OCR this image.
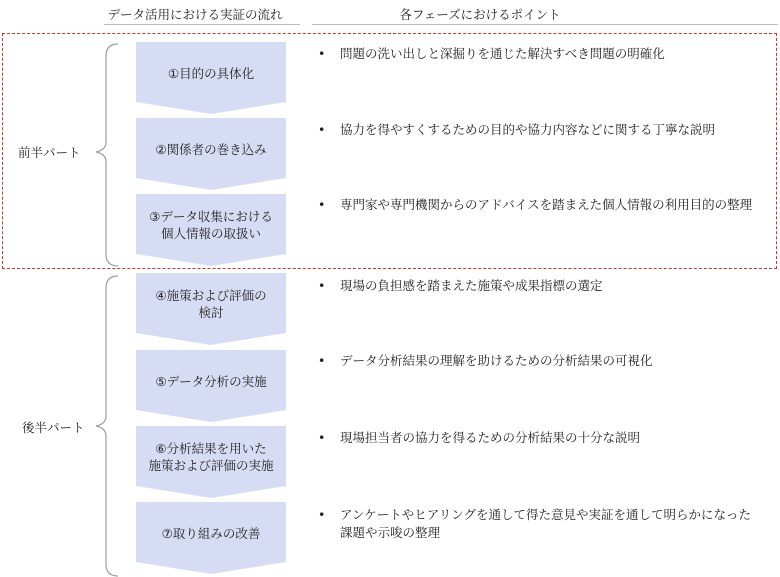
データ活用における実証の流れ	各フェーズにおけるポイント
前半パート
後半パート
①目的の具体化
②関係者の巻き込み
③データ収集における
個人情報の取扱い
④施策および評価の
検討
⑤データ分析の実施
⑥分析結果を用いた
施策および評価の実施
⑦取り組みの改善
• 問題の洗い出しと深掘りを通じた解決すべき問題の明確化
• 協力を得やすくするための目的や協力内容などに関する丁寧な説明
• 専門家や専門機関からのアドバイスを踏まえた個人情報の利用目的の整理
• 現場の負担感を踏まえた施策や成果指標の選定
• データ分析結果の理解を助けるための分析結果の可視化
• 現場担当者の協力を得るための分析結果の十分な説明
• アンケートやヒアリングを通して得た意見や実証を通して明らかになった
課題や示唆の整理
